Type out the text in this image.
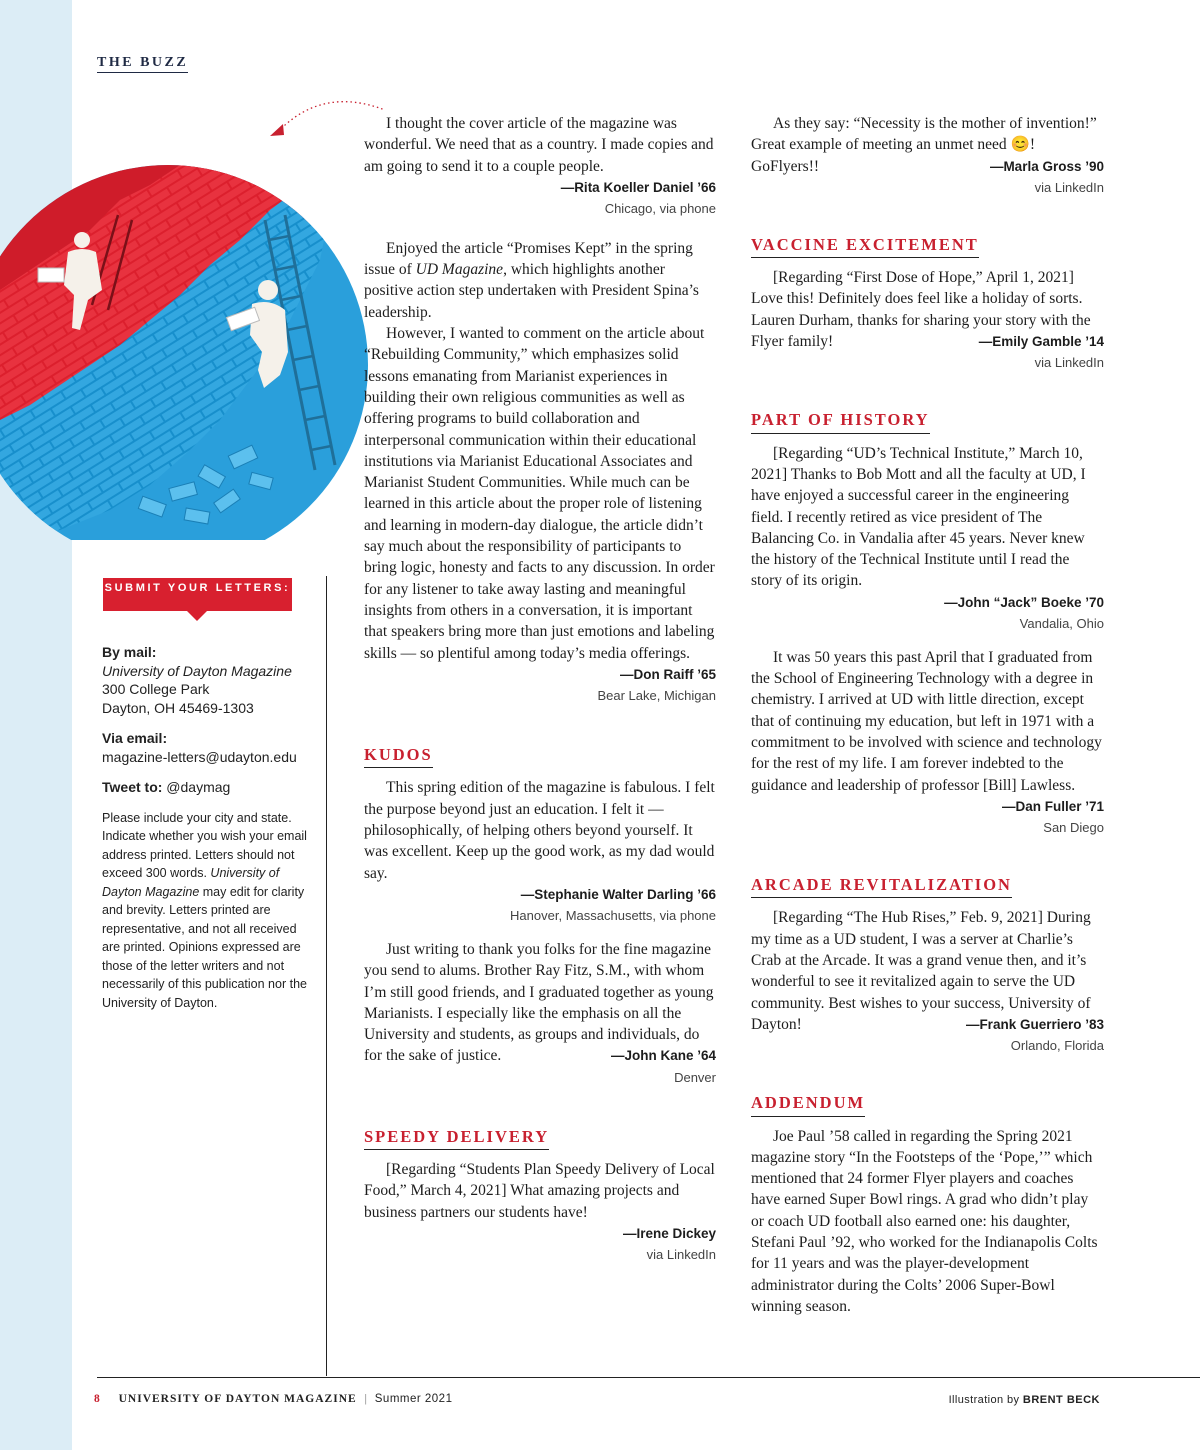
THE BUZZ
SUBMIT YOUR LETTERS:
By mail:
University of Dayton Magazine
300 College Park
Dayton, OH 45469-1303
Via email:
magazine-letters@udayton.edu
Tweet to: @daymag
Please include your city and state. Indicate whether you wish your email address printed. Letters should not exceed 300 words. University of Dayton Magazine may edit for clarity and brevity. Letters printed are representative, and not all received are printed. Opinions expressed are those of the letter writers and not necessarily of this publication nor the University of Dayton.

I thought the cover article of the magazine was wonderful. We need that as a country. I made copies and am going to send it to a couple people.

—Rita Koeller Daniel ’66
Chicago, via phone

Enjoyed the article “Promises Kept” in the spring issue of UD Magazine, which highlights another positive action step undertaken with President Spina’s leadership.

However, I wanted to comment on the article about “Rebuilding Community,” which emphasizes solid lessons emanating from Marianist experiences in building their own religious communities as well as offering programs to build collaboration and interpersonal communication within their educational institutions via Marianist Educational Associates and Marianist Student Communities. While much can be learned in this article about the proper role of listening and learning in modern-day dialogue, the article didn’t say much about the responsibility of participants to bring logic, honesty and facts to any discussion. In order for any listener to take away lasting and meaningful insights from others in a conversation, it is important that speakers bring more than just emotions and labeling skills — so plentiful among today’s media offerings.
—Don Raiff ’65

Bear Lake, Michigan
KUDOS

This spring edition of the magazine is fabulous. I felt the purpose beyond just an education. I felt it — philosophically, of helping others beyond yourself. It was excellent. Keep up the good work, as my dad would say.

—Stephanie Walter Darling ’66
Hanover, Massachusetts, via phone

Just writing to thank you folks for the fine magazine you send to alums. Brother Ray Fitz, S.M., with whom I’m still good friends, and I graduated together as young Marianists. I especially like the emphasis on all the University and students, as groups and individuals, do for the sake of justice.	—John Kane ’64

Denver
SPEEDY DELIVERY

[Regarding “Students Plan Speedy Delivery of Local Food,” March 4, 2021] What amazing projects and business partners our students have!

—Irene Dickey
via LinkedIn

As they say: “Necessity is the mother of invention!” Great example of meeting an unmet need 😊! GoFlyers!!	—Marla Gross ’90

via LinkedIn
VACCINE EXCITEMENT

[Regarding “First Dose of Hope,” April 1, 2021] Love this! Definitely does feel like a holiday of sorts. Lauren Durham, thanks for sharing your story with the Flyer family!	—Emily Gamble ’14

via LinkedIn
PART OF HISTORY

[Regarding “UD’s Technical Institute,” March 10, 2021] Thanks to Bob Mott and all the faculty at UD, I have enjoyed a successful career in the engineering field. I recently retired as vice president of The Balancing Co. in Vandalia after 45 years. Never knew the history of the Technical Institute until I read the story of its origin.

—John “Jack” Boeke ’70
Vandalia, Ohio

It was 50 years this past April that I graduated from the School of Engineering Technology with a degree in chemistry. I arrived at UD with little direction, except that of continuing my education, but left in 1971 with a commitment to be involved with science and technology for the rest of my life. I am forever indebted to the guidance and leadership of professor [Bill] Lawless.
—Dan Fuller ’71

San Diego
ARCADE REVITALIZATION

[Regarding “The Hub Rises,” Feb. 9, 2021] During my time as a UD student, I was a server at Charlie’s Crab at the Arcade. It was a grand venue then, and it’s wonderful to see it revitalized again to serve the UD community. Best wishes to your success, University of Dayton!	—Frank Guerriero ’83

Orlando, Florida
ADDENDUM

Joe Paul ’58 called in regarding the Spring 2021 magazine story “In the Footsteps of the ‘Pope,’” which mentioned that 24 former Flyer players and coaches have earned Super Bowl rings. A grad who didn’t play or coach UD football also earned one: his daughter, Stefani Paul ’92, who worked for the Indianapolis Colts for 11 years and was the player-development administrator during the Colts’ 2006 Super-Bowl winning season.

8 UNIVERSITY OF DAYTON MAGAZINE | Summer 2021	Illustration by BRENT BECK
